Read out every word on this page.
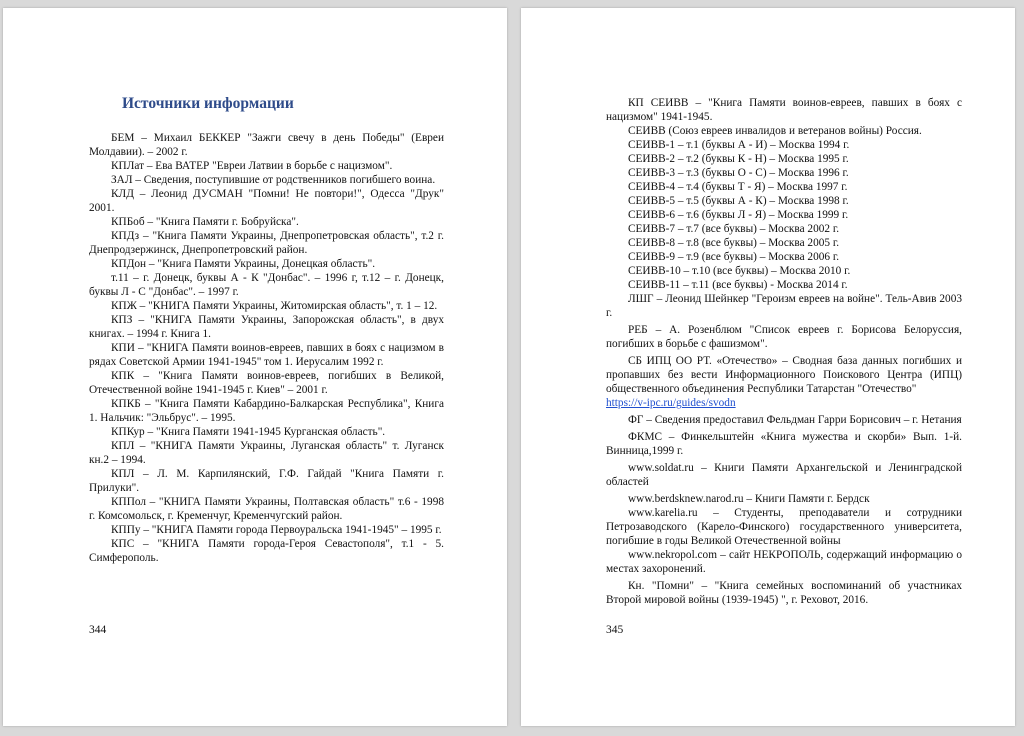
Источники информации

БЕМ – Михаил БЕККЕР "Зажги свечу в день Победы" (Евреи Молдавии). – 2002 г.

КПЛат – Ева ВАТЕР "Евреи Латвии в борьбе с нацизмом".

ЗАЛ – Сведения, поступившие от родственников погибшего воина.

КЛД – Леонид ДУСМАН "Помни! Не повтори!", Одесса "Друк" 2001.

КПБоб – "Книга Памяти г. Бобруйска".

КПДз – "Книга Памяти Украины, Днепропетровская область", т.2 г. Днепродзержинск, Днепропетровский район.

КПДон – "Книга Памяти Украины, Донецкая область".

т.11 – г. Донецк, буквы А - К "Донбас". – 1996 г, т.12 – г. Донецк, буквы Л - С "Донбас". – 1997 г.

КПЖ – "КНИГА Памяти Украины, Житомирская область", т. 1 – 12.

КПЗ – "КНИГА Памяти Украины, Запорожская область", в двух книгах. – 1994 г. Книга 1.

КПИ – "КНИГА Памяти воинов-евреев, павших в боях с нацизмом в рядах Советской Армии 1941-1945" том 1. Иерусалим 1992 г.

КПК – "Книга Памяти воинов-евреев, погибших в Великой, Отечественной войне 1941-1945 г. Киев" – 2001 г.

КПКБ – "Книга Памяти Кабардино-Балкарская Республика", Книга 1. Нальчик: "Эльбрус". – 1995.

КПКур – "Книга Памяти 1941-1945 Курганская область".

КПЛ – "КНИГА Памяти Украины, Луганская область" т. Луганск кн.2 – 1994.

КПЛ – Л. М. Карпилянский, Г.Ф. Гайдай "Книга Памяти г. Прилуки".

КППол – "КНИГА Памяти Украины, Полтавская область" т.6 - 1998 г. Комсомольск, г. Кременчуг, Кременчугский район.

КППу – "КНИГА Памяти города Первоуральска 1941-1945" – 1995 г.

КПС – "КНИГА Памяти города-Героя Севастополя", т.1 - 5. Симферополь.

344

КП СЕИВВ – "Книга Памяти воинов-евреев, павших в боях с нацизмом" 1941-1945.

СЕИВВ (Союз евреев инвалидов и ветеранов войны) Россия.

СЕИВВ-1 – т.1 (буквы А - И) – Москва 1994 г.

СЕИВВ-2 – т.2 (буквы К - Н) – Москва 1995 г.

СЕИВВ-3 – т.3 (буквы О - С) – Москва 1996 г.

СЕИВВ-4 – т.4 (буквы Т - Я) – Москва 1997 г.

СЕИВВ-5 – т.5 (буквы А - К) – Москва 1998 г.

СЕИВВ-6 – т.6 (буквы Л - Я) – Москва 1999 г.

СЕИВВ-7 – т.7 (все буквы) – Москва 2002 г.

СЕИВВ-8 – т.8 (все буквы) – Москва 2005 г.

СЕИВВ-9 – т.9 (все буквы) – Москва 2006 г.

СЕИВВ-10 – т.10 (все буквы) – Москва 2010 г.

СЕИВВ-11 – т.11 (все буквы) - Москва 2014 г.

ЛШГ – Леонид Шейнкер "Героизм евреев на войне". Тель-Авив 2003 г.

РЕБ – А. Розенблюм "Список евреев г. Борисова Белоруссия, погибших в борьбе с фашизмом".

СБ ИПЦ ОО РТ. «Отечество» – Сводная база данных погибших и пропавших без вести Информационного Поискового Центра (ИПЦ) общественного объединения Республики Татарстан "Отечество"

https://v-ipc.ru/guides/svodn

ФГ – Сведения предоставил Фельдман Гарри Борисович – г. Нетания

ФКМС – Финкельштейн «Книга мужества и скорби» Вып. 1-й. Винница,1999 г.

www.soldat.ru – Книги Памяти Архангельской и Ленинградской областей

www.berdsknew.narod.ru – Книги Памяти г. Бердск

www.karelia.ru – Студенты, преподаватели и сотрудники Петрозаводского (Карело-Финского) государственного университета, погибшие в годы Великой Отечественной войны

www.nekropol.com – сайт НЕКРОПОЛЬ, содержащий информацию о местах захоронений.

Кн. "Помни" – "Книга семейных воспоминаний об участниках Второй мировой войны (1939-1945) ", г. Реховот, 2016.

345
